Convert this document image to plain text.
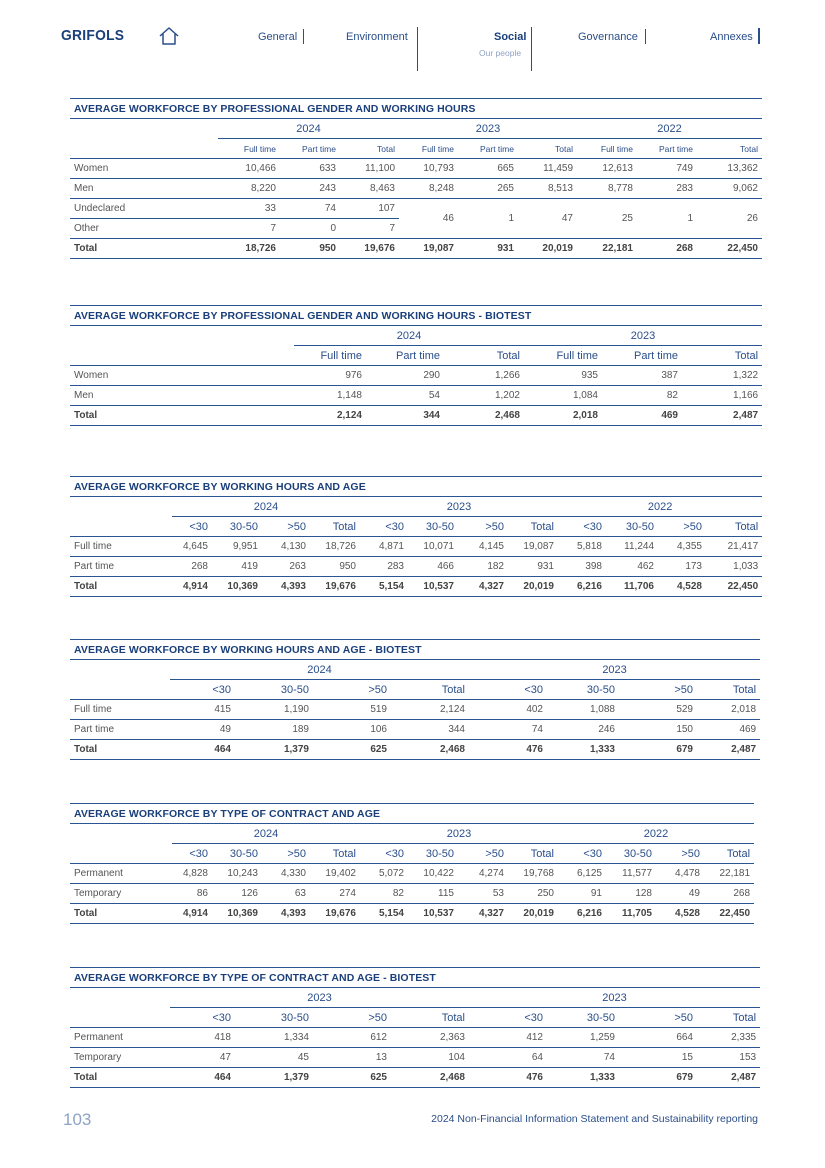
GRIFOLS	General	Environment	Social
Our people
Governance	Annexes
AVERAGE WORKFORCE BY PROFESSIONAL GENDER AND WORKING HOURS									
	2024			2023			2022		
	Full time	Part time	Total	Full time	Part time	Total	Full time	Part time	Total
Women	10,466	633	11,100	10,793	665	11,459	12,613	749	13,362
Men	8,220	243	8,463	8,248	265	8,513	8,778	283	9,062
Undeclared	33	74	107	46	1	47	25	1	26
Other	7	0	7						
Total	18,726	950	19,676	19,087	931	20,019	22,181	268	22,450
AVERAGE WORKFORCE BY PROFESSIONAL GENDER AND WORKING HOURS - BIOTEST						
	2024			2023		
	Full time	Part time	Total	Full time	Part time	Total
Women	976	290	1,266	935	387	1,322
Men	1,148	54	1,202	1,084	82	1,166
Total	2,124	344	2,468	2,018	469	2,487
AVERAGE WORKFORCE BY WORKING HOURS AND AGE												
	2024				2023				2022			
	<30	30-50	>50	Total	<30	30-50	>50	Total	<30	30-50	>50	Total
Full time	4,645	9,951	4,130	18,726	4,871	10,071	4,145	19,087	5,818	11,244	4,355	21,417
Part time	268	419	263	950	283	466	182	931	398	462	173	1,033
Total	4,914	10,369	4,393	19,676	5,154	10,537	4,327	20,019	6,216	11,706	4,528	22,450
AVERAGE WORKFORCE BY WORKING HOURS AND AGE - BIOTEST								
	2024				2023			
	<30	30-50	>50	Total	<30	30-50	>50	Total
Full time	415	1,190	519	2,124	402	1,088	529	2,018
Part time	49	189	106	344	74	246	150	469
Total	464	1,379	625	2,468	476	1,333	679	2,487
AVERAGE WORKFORCE BY TYPE OF CONTRACT AND AGE												
	2024				2023				2022			
	<30	30-50	>50	Total	<30	30-50	>50	Total	<30	30-50	>50	Total
Permanent	4,828	10,243	4,330	19,402	5,072	10,422	4,274	19,768	6,125	11,577	4,478	22,181
Temporary	86	126	63	274	82	115	53	250	91	128	49	268
Total	4,914	10,369	4,393	19,676	5,154	10,537	4,327	20,019	6,216	11,705	4,528	22,450
AVERAGE WORKFORCE BY TYPE OF CONTRACT AND AGE - BIOTEST								
	2023				2023			
	<30	30-50	>50	Total	<30	30-50	>50	Total
Permanent	418	1,334	612	2,363	412	1,259	664	2,335
Temporary	47	45	13	104	64	74	15	153
Total	464	1,379	625	2,468	476	1,333	679	2,487
103	2024 Non-Financial Information Statement and Sustainability reporting
